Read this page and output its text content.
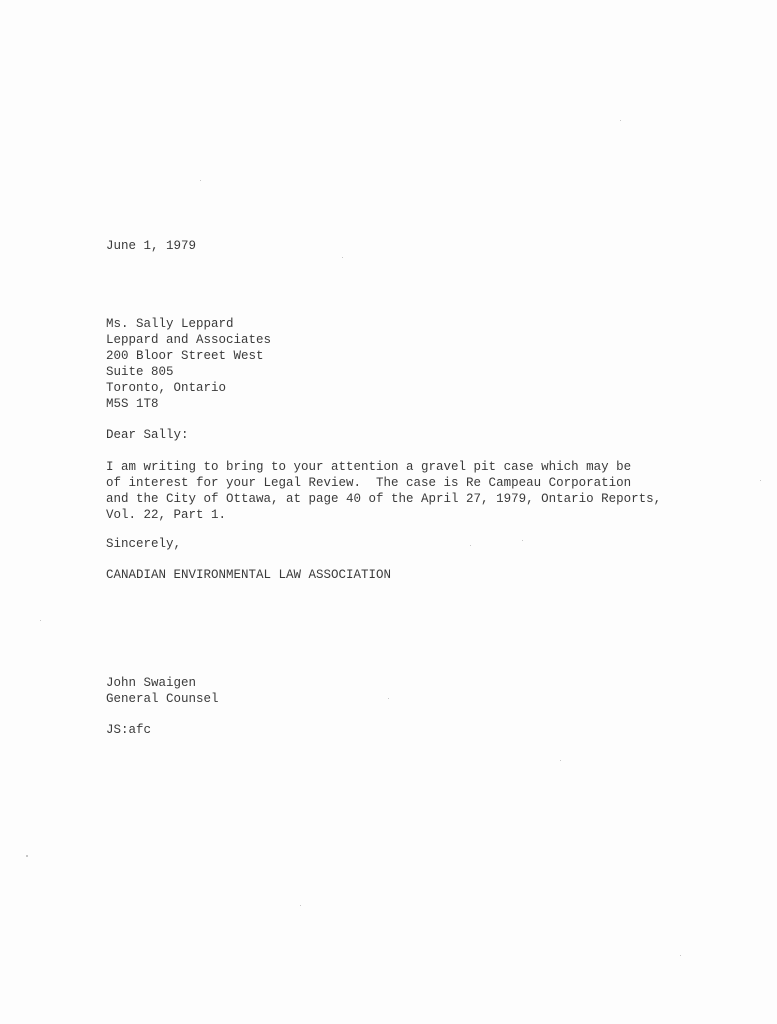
June 1, 1979
Ms. Sally Leppard
Leppard and Associates
200 Bloor Street West
Suite 805
Toronto, Ontario
M5S 1T8
Dear Sally:
I am writing to bring to your attention a gravel pit case which may be
of interest for your Legal Review.  The case is Re Campeau Corporation
and the City of Ottawa, at page 40 of the April 27, 1979, Ontario Reports,
Vol. 22, Part 1.
Sincerely,
CANADIAN ENVIRONMENTAL LAW ASSOCIATION
John Swaigen
General Counsel
JS:afc
